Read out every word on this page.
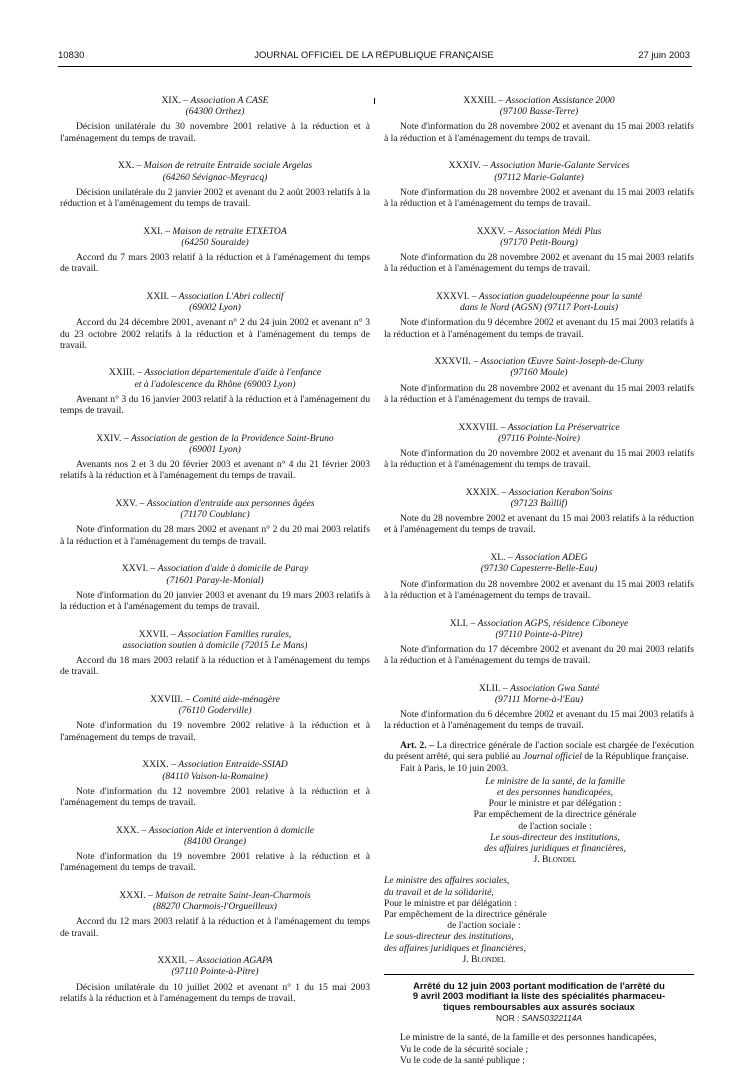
10830	JOURNAL OFFICIEL DE LA RÉPUBLIQUE FRANÇAISE	27 juin 2003
XIX. – Association A CASE
(64300 Orthez)
Décision unilatérale du 30 novembre 2001 relative à la réduction et à l'aménagement du temps de travail.
XX. – Maison de retraite Entraide sociale Argelas
(64260 Sévignac-Meyracq)
Décision unilatérale du 2 janvier 2002 et avenant du 2 août 2003 relatifs à la réduction et à l'aménagement du temps de travail.
XXI. – Maison de retraite ETXETOA
(64250 Souraide)
Accord du 7 mars 2003 relatif à la réduction et à l'aménagement du temps de travail.
XXII. – Association L'Abri collectif
(69002 Lyon)
Accord du 24 décembre 2001, avenant n° 2 du 24 juin 2002 et avenant n° 3 du 23 octobre 2002 relatifs à la réduction et à l'aménagement du temps de travail.
XXIII. – Association départementale d'aide à l'enfance
et à l'adolescence du Rhône (69003 Lyon)
Avenant n° 3 du 16 janvier 2003 relatif à la réduction et à l'aménagement du temps de travail.
XXIV. – Association de gestion de la Providence Saint-Bruno
(69001 Lyon)
Avenants nos 2 et 3 du 20 février 2003 et avenant n° 4 du 21 février 2003 relatifs à la réduction et à l'aménagement du temps de travail.
XXV. – Association d'entraide aux personnes âgées
(71170 Coublanc)
Note d'information du 28 mars 2002 et avenant n° 2 du 20 mai 2003 relatifs à la réduction et à l'aménagement du temps de travail.
XXVI. – Association d'aide à domicile de Paray
(71601 Paray-le-Monial)
Note d'information du 20 janvier 2003 et avenant du 19 mars 2003 relatifs à la réduction et à l'aménagement du temps de travail.
XXVII. – Association Familles rurales,
association soutien à domicile (72015 Le Mans)
Accord du 18 mars 2003 relatif à la réduction et à l'aménagement du temps de travail.
XXVIII. – Comité aide-ménagère
(76110 Goderville)
Note d'information du 19 novembre 2002 relative à la réduction et à l'aménagement du temps de travail.
XXIX. – Association Entraide-SSIAD
(84110 Vaison-la-Romaine)
Note d'information du 12 novembre 2001 relative à la réduction et à l'aménagement du temps de travail.
XXX. – Association Aide et intervention à domicile
(84100 Orange)
Note d'information du 19 novembre 2001 relative à la réduction et à l'aménagement du temps de travail.
XXXI. – Maison de retraite Saint-Jean-Charmois
(88270 Charmois-l'Orgueilleux)
Accord du 12 mars 2003 relatif à la réduction et à l'aménagement du temps de travail.
XXXII. – Association AGAPA
(97110 Pointe-à-Pitre)
Décision unilatérale du 10 juillet 2002 et avenant n° 1 du 15 mai 2003 relatifs à la réduction et à l'aménagement du temps de travail.
XXXIII. – Association Assistance 2000
(97100 Basse-Terre)
Note d'information du 28 novembre 2002 et avenant du 15 mai 2003 relatifs à la réduction et à l'aménagement du temps de travail.
XXXIV. – Association Marie-Galante Services
(97112 Marie-Galante)
Note d'information du 28 novembre 2002 et avenant du 15 mai 2003 relatifs à la réduction et à l'aménagement du temps de travail.
XXXV. – Association Médi Plus
(97170 Petit-Bourg)
Note d'information du 28 novembre 2002 et avenant du 15 mai 2003 relatifs à la réduction et à l'aménagement du temps de travail.
XXXVI. – Association guadeloupéenne pour la santé
dans le Nord (AGSN) (97117 Port-Louis)
Note d'information du 9 décembre 2002 et avenant du 15 mai 2003 relatifs à la réduction et à l'aménagement du temps de travail.
XXXVII. – Association Œuvre Saint-Joseph-de-Cluny
(97160 Moule)
Note d'information du 28 novembre 2002 et avenant du 15 mai 2003 relatifs à la réduction et à l'aménagement du temps de travail.
XXXVIII. – Association La Préservatrice
(97116 Pointe-Noire)
Note d'information du 20 novembre 2002 et avenant du 15 mai 2003 relatifs à la réduction et à l'aménagement du temps de travail.
XXXIX. – Association Kerabon'Soins
(97123 Baillif)
Note du 28 novembre 2002 et avenant du 15 mai 2003 relatifs à la réduction et à l'aménagement du temps de travail.
XL. – Association ADEG
(97130 Capesterre-Belle-Eau)
Note d'information du 28 novembre 2002 et avenant du 15 mai 2003 relatifs à la réduction et à l'aménagement du temps de travail.
XLI. – Association AGPS, résidence Ciboneye
(97110 Pointe-à-Pitre)
Note d'information du 17 décembre 2002 et avenant du 20 mai 2003 relatifs à la réduction et à l'aménagement du temps de travail.
XLII. – Association Gwa Santé
(97111 Morne-à-l'Eau)
Note d'information du 6 décembre 2002 et avenant du 15 mai 2003 relatifs à la réduction et à l'aménagement du temps de travail.
Art. 2. – La directrice générale de l'action sociale est chargée de l'exécution du présent arrêté, qui sera publié au Journal officiel de la République française.
Fait à Paris, le 10 juin 2003.
Le ministre de la santé, de la famille
et des personnes handicapées,
Pour le ministre et par délégation :
Par empêchement de la directrice générale
de l'action sociale :
Le sous-directeur des institutions,
des affaires juridiques et financières,
J. Blondel
Le ministre des affaires sociales,
du travail et de la solidarité,
Pour le ministre et par délégation :
Par empêchement de la directrice générale
de l'action sociale :
Le sous-directeur des institutions,
des affaires juridiques et financières,
J. Blondel
Arrêté du 12 juin 2003 portant modification de l'arrêté du
9 avril 2003 modifiant la liste des spécialités pharmaceu-
tiques remboursables aux assurés sociaux
NOR : SANS0322114A
Le ministre de la santé, de la famille et des personnes handicapées,
Vu le code de la sécurité sociale ;
Vu le code de la santé publique ;
